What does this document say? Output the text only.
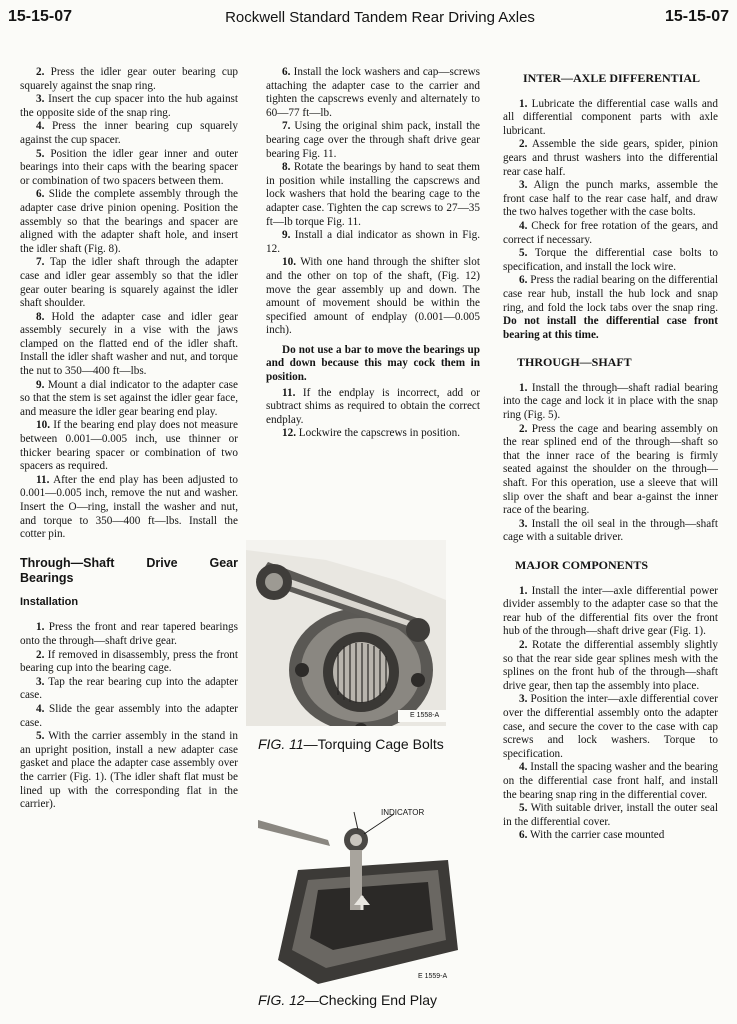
15-15-07	Rockwell Standard Tandem Rear Driving Axles	15-15-07

2. Press the idler gear outer bearing cup squarely against the snap ring.

3. Insert the cup spacer into the hub against the opposite side of the snap ring.

4. Press the inner bearing cup squarely against the cup spacer.

5. Position the idler gear inner and outer bearings into their caps with the bearing spacer or combination of two spacers between them.

6. Slide the complete assembly through the adapter case drive pinion opening. Position the assembly so that the bearings and spacer are aligned with the adapter shaft hole, and insert the idler shaft (Fig. 8).

7. Tap the idler shaft through the adapter case and idler gear assembly so that the idler gear outer bearing is squarely against the idler shaft shoulder.

8. Hold the adapter case and idler gear assembly securely in a vise with the jaws clamped on the flatted end of the idler shaft. Install the idler shaft washer and nut, and torque the nut to 350—400 ft—lbs.

9. Mount a dial indicator to the adapter case so that the stem is set against the idler gear face, and measure the idler gear bearing end play.

10. If the bearing end play does not measure between 0.001—0.005 inch, use thinner or thicker bearing spacer or combination of two spacers as required.

11. After the end play has been adjusted to 0.001—0.005 inch, remove the nut and washer. Insert the O—ring, install the washer and nut, and torque to 350—400 ft—lbs. Install the cotter pin.

Through—Shaft Drive Gear Bearings
Installation

1. Press the front and rear tapered bearings onto the through—shaft drive gear.

2. If removed in disassembly, press the front bearing cup into the bearing cage.

3. Tap the rear bearing cup into the adapter case.

4. Slide the gear assembly into the adapter case.

5. With the carrier assembly in the stand in an upright position, install a new adapter case gasket and place the adapter case assembly over the carrier (Fig. 1). (The idler shaft flat must be lined up with the corresponding flat in the carrier).

6. Install the lock washers and cap—screws attaching the adapter case to the carrier and tighten the capscrews evenly and alternately to 60—77 ft—lb.

7. Using the original shim pack, install the bearing cage over the through shaft drive gear bearing Fig. 11.

8. Rotate the bearings by hand to seat them in position while installing the capscrews and lock washers that hold the bearing cage to the adapter case. Tighten the cap screws to 27—35 ft—lb torque Fig. 11.

9. Install a dial indicator as shown in Fig. 12.

10. With one hand through the shifter slot and the other on top of the shaft, (Fig. 12) move the gear assembly up and down. The amount of movement should be within the specified amount of endplay (0.001—0.005 inch).

Do not use a bar to move the bearings up and down because this may cock them in position.

11. If the endplay is incorrect, add or subtract shims as required to obtain the correct endplay.

12. Lockwire the capscrews in position.

E 1558-A
FIG. 11—Torquing Cage Bolts
INDICATOR
E 1559-A
FIG. 12—Checking End Play
INTER—AXLE DIFFERENTIAL

1. Lubricate the differential case walls and all differential component parts with axle lubricant.

2. Assemble the side gears, spider, pinion gears and thrust washers into the differential rear case half.

3. Align the punch marks, assemble the front case half to the rear case half, and draw the two halves together with the case bolts.

4. Check for free rotation of the gears, and correct if necessary.

5. Torque the differential case bolts to specification, and install the lock wire.

6. Press the radial bearing on the differential case rear hub, install the hub lock and snap ring, and fold the lock tabs over the snap ring. Do not install the differential case front bearing at this time.

THROUGH—SHAFT

1. Install the through—shaft radial bearing into the cage and lock it in place with the snap ring (Fig. 5).

2. Press the cage and bearing assembly on the rear splined end of the through—shaft so that the inner race of the bearing is firmly seated against the shoulder on the through—shaft. For this operation, use a sleeve that will slip over the shaft and bear a-gainst the inner race of the bearing.

3. Install the oil seal in the through—shaft cage with a suitable driver.

MAJOR COMPONENTS

1. Install the inter—axle differential power divider assembly to the adapter case so that the rear hub of the differential fits over the front hub of the through—shaft drive gear (Fig. 1).

2. Rotate the differential assembly slightly so that the rear side gear splines mesh with the splines on the front hub of the through—shaft drive gear, then tap the assembly into place.

3. Position the inter—axle differential cover over the differential assembly onto the adapter case, and secure the cover to the case with cap screws and lock washers. Torque to specification.

4. Install the spacing washer and the bearing on the differential case front half, and install the bearing snap ring in the differential cover.

5. With suitable driver, install the outer seal in the differential cover.

6. With the carrier case mounted
